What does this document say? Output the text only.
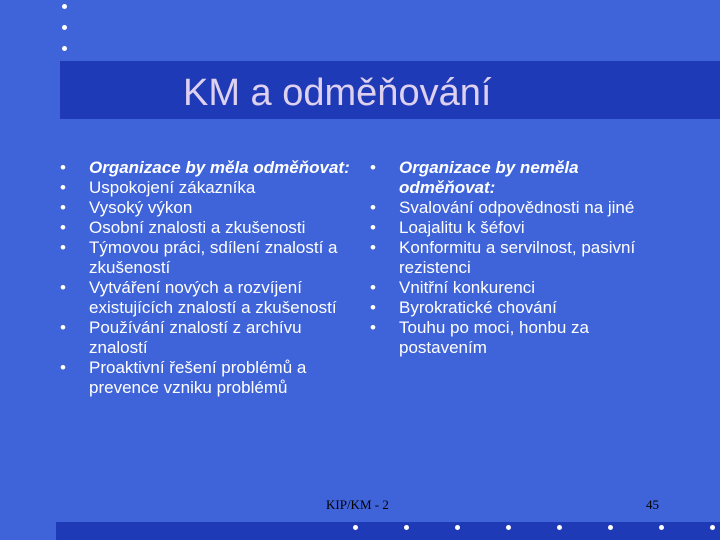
KM a odměňování
• Organizace by měla odměňovat:
• Uspokojení zákazníka
• Vysoký výkon
• Osobní znalosti a zkušenosti
• Týmovou práci, sdílení znalostí a zkušeností
• Vytváření nových a rozvíjení existujících znalostí a zkušeností
• Používání znalostí z archívu znalostí
• Proaktivní řešení problémů a prevence vzniku problémů
• Organizace by neměla odměňovat:
• Svalování odpovědnosti na jiné
• Loajalitu k šéfovi
• Konformitu a servilnost, pasivní rezistenci
• Vnitřní konkurenci
• Byrokratické chování
• Touhu po moci, honbu za postavením
KIP/KM - 2	45
